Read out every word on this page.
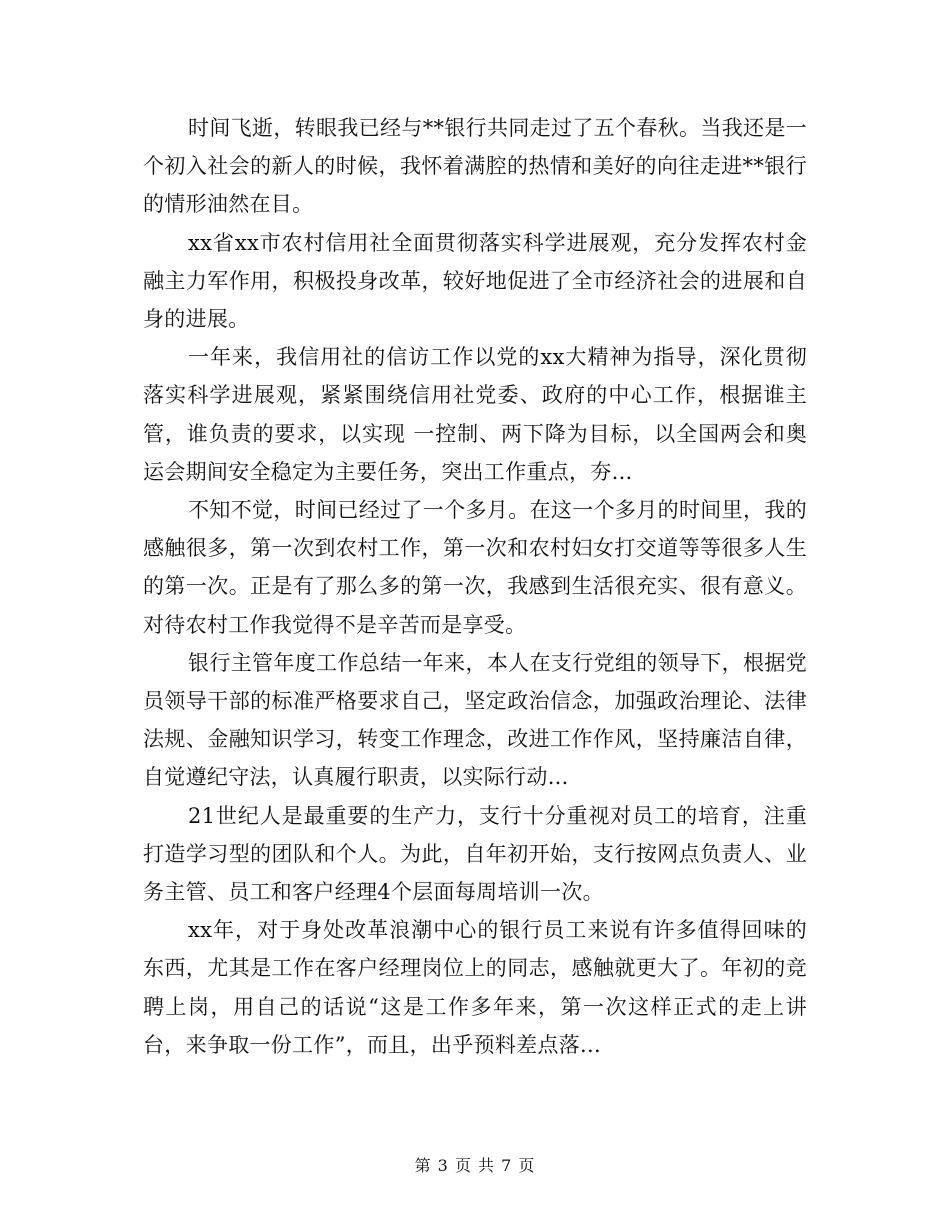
时间飞逝，转眼我已经与**银行共同走过了五个春秋。当我还是一个初入社会的新人的时候，我怀着满腔的热情和美好的向往走进**银行的情形油然在目。

xx省xx市农村信用社全面贯彻落实科学进展观，充分发挥农村金融主力军作用，积极投身改革，较好地促进了全市经济社会的进展和自身的进展。

一年来，我信用社的信访工作以党的xx大精神为指导，深化贯彻落实科学进展观，紧紧围绕信用社党委、政府的中心工作，根据谁主管，谁负责的要求，以实现 一控制、两下降为目标，以全国两会和奥运会期间安全稳定为主要任务，突出工作重点，夯...

不知不觉，时间已经过了一个多月。在这一个多月的时间里，我的感触很多，第一次到农村工作，第一次和农村妇女打交道等等很多人生的第一次。正是有了那么多的第一次，我感到生活很充实、很有意义。对待农村工作我觉得不是辛苦而是享受。

银行主管年度工作总结一年来，本人在支行党组的领导下，根据党员领导干部的标准严格要求自己，坚定政治信念，加强政治理论、法律法规、金融知识学习，转变工作理念，改进工作作风，坚持廉洁自律，自觉遵纪守法，认真履行职责，以实际行动...

21世纪人是最重要的生产力，支行十分重视对员工的培育，注重打造学习型的团队和个人。为此，自年初开始，支行按网点负责人、业务主管、员工和客户经理4个层面每周培训一次。

xx年，对于身处改革浪潮中心的银行员工来说有许多值得回味的东西，尤其是工作在客户经理岗位上的同志，感触就更大了。年初的竞聘上岗，用自己的话说“这是工作多年来，第一次这样正式的走上讲台，来争取一份工作”，而且，出乎预料差点落...

第 3 页 共 7 页
